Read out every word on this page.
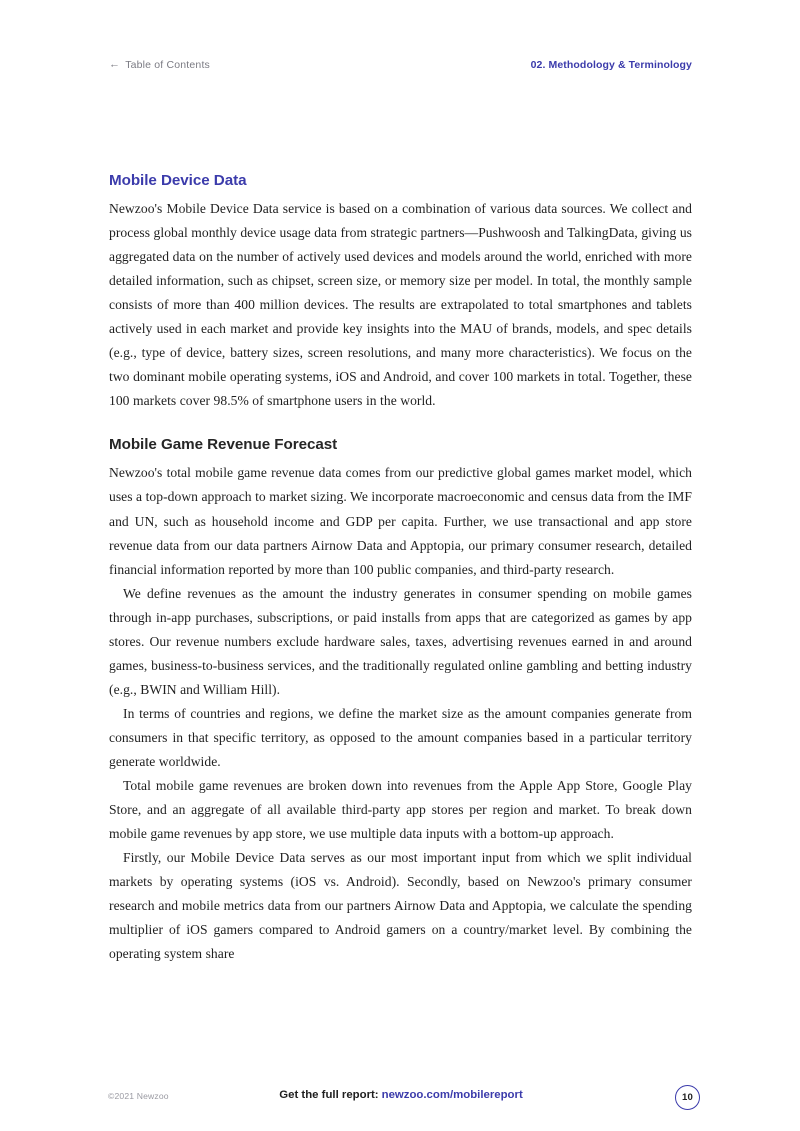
← Table of Contents	02. Methodology & Terminology
Mobile Device Data

Newzoo's Mobile Device Data service is based on a combination of various data sources. We collect and process global monthly device usage data from strategic partners—Pushwoosh and TalkingData, giving us aggregated data on the number of actively used devices and models around the world, enriched with more detailed information, such as chipset, screen size, or memory size per model. In total, the monthly sample consists of more than 400 million devices. The results are extrapolated to total smartphones and tablets actively used in each market and provide key insights into the MAU of brands, models, and spec details (e.g., type of device, battery sizes, screen resolutions, and many more characteristics). We focus on the two dominant mobile operating systems, iOS and Android, and cover 100 markets in total. Together, these 100 markets cover 98.5% of smartphone users in the world.

Mobile Game Revenue Forecast

Newzoo's total mobile game revenue data comes from our predictive global games market model, which uses a top-down approach to market sizing. We incorporate macroeconomic and census data from the IMF and UN, such as household income and GDP per capita. Further, we use transactional and app store revenue data from our data partners Airnow Data and Apptopia, our primary consumer research, detailed financial information reported by more than 100 public companies, and third-party research.

We define revenues as the amount the industry generates in consumer spending on mobile games through in-app purchases, subscriptions, or paid installs from apps that are categorized as games by app stores. Our revenue numbers exclude hardware sales, taxes, advertising revenues earned in and around games, business-to-business services, and the traditionally regulated online gambling and betting industry (e.g., BWIN and William Hill).

In terms of countries and regions, we define the market size as the amount companies generate from consumers in that specific territory, as opposed to the amount companies based in a particular territory generate worldwide.

Total mobile game revenues are broken down into revenues from the Apple App Store, Google Play Store, and an aggregate of all available third-party app stores per region and market. To break down mobile game revenues by app store, we use multiple data inputs with a bottom-up approach.

Firstly, our Mobile Device Data serves as our most important input from which we split individual markets by operating systems (iOS vs. Android). Secondly, based on Newzoo's primary consumer research and mobile metrics data from our partners Airnow Data and Apptopia, we calculate the spending multiplier of iOS gamers compared to Android gamers on a country/market level. By combining the operating system share

©2021 Newzoo	Get the full report: newzoo.com/mobilereport	10
